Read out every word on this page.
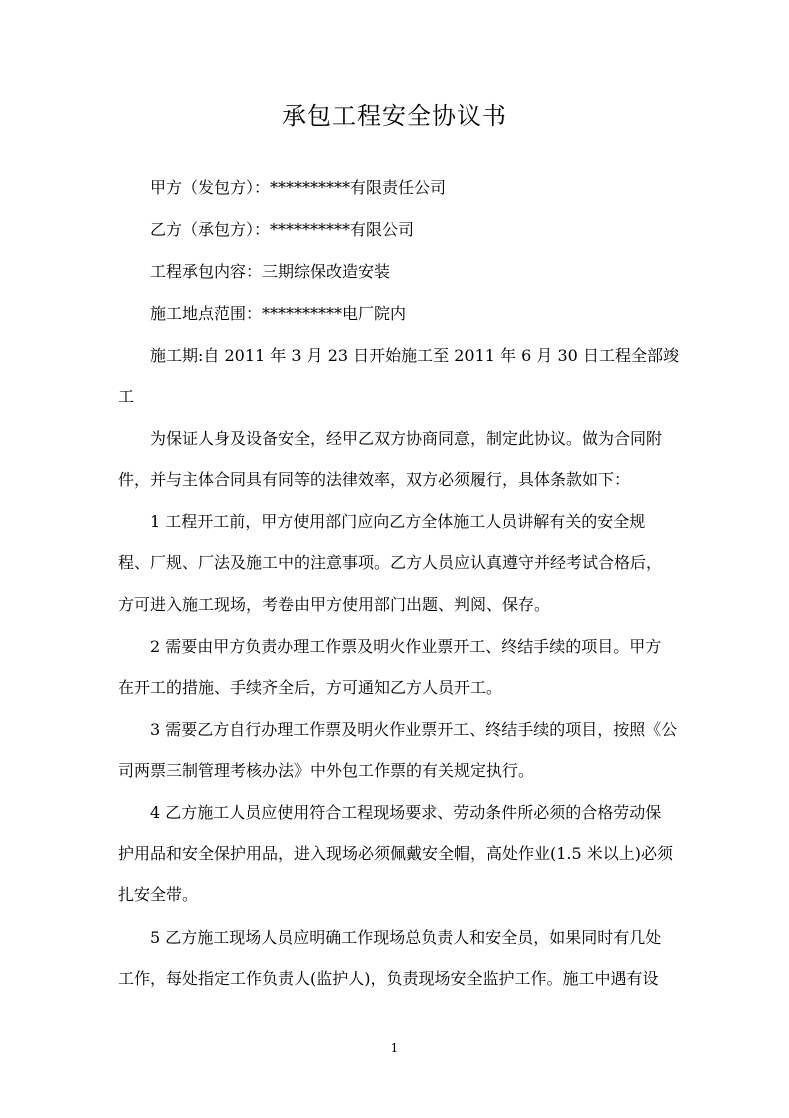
承包工程安全协议书

甲方（发包方）：**********有限责任公司

乙方（承包方）：**********有限公司

工程承包内容：三期综保改造安装

施工地点范围：**********电厂院内

施工期:自 2011 年 3 月 23 日开始施工至 2011 年 6 月 30 日工程全部竣

工

为保证人身及设备安全，经甲乙双方协商同意，制定此协议。做为合同附

件，并与主体合同具有同等的法律效率，双方必须履行，具体条款如下：

1 工程开工前，甲方使用部门应向乙方全体施工人员讲解有关的安全规

程、厂规、厂法及施工中的注意事项。乙方人员应认真遵守并经考试合格后，

方可进入施工现场，考卷由甲方使用部门出题、判阅、保存。

2 需要由甲方负责办理工作票及明火作业票开工、终结手续的项目。甲方

在开工的措施、手续齐全后，方可通知乙方人员开工。

3 需要乙方自行办理工作票及明火作业票开工、终结手续的项目，按照《公

司两票三制管理考核办法》中外包工作票的有关规定执行。

4 乙方施工人员应使用符合工程现场要求、劳动条件所必须的合格劳动保

护用品和安全保护用品，进入现场必须佩戴安全帽，高处作业(1.5 米以上)必须

扎安全带。

5 乙方施工现场人员应明确工作现场总负责人和安全员，如果同时有几处

工作，每处指定工作负责人(监护人)，负责现场安全监护工作。施工中遇有设

1
